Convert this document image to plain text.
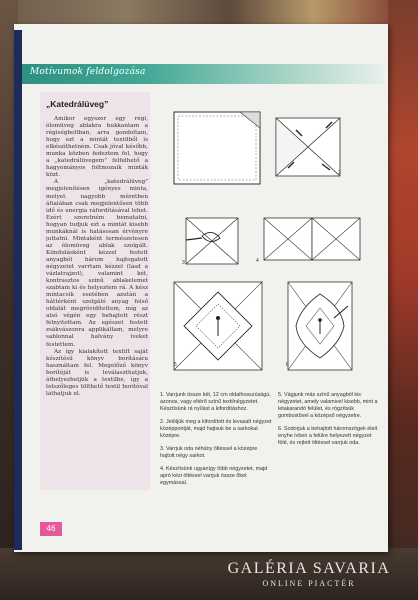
Motívumok feldolgozása
„Katedrálüveg”

Amikor egyszer egy régi, ólomüveg ablakra bukkantam a régiségboltban, arra gondoltam, hogy ezt a mintát textilből is elkészíthetném. Csak jóval később, munka közben fedeztem fel, hogy a „katedrálüvegem” felfelhető a hagyományos foltmozaik minták közt.

A „katedrálüveg” megjelenítésen igényes minta, melyet nagyobb méretben általában csak megjelentősen több idő és energia ráfordításával lehet. Ezért szeretném bemutatni, hogyan tudjuk ezt a mintát kisebb munkáknál is hatásosan érvényre juttatni. Mintaként természetesen az ólomüveg ablak szolgált. Kiindulásként kézzel festett anyagból három hajtogatott négyzetet varrtam kézzel (lásd a vázlatrajzot), valamint két, kontrasztos színű ablakelemet szabtam ki és helyeztem rá. A kész mintacsík esetében azután a háttérként szolgáló anyag felső oldalát megróvidítettem, míg az alsó végén egy behajtott részt felnyitottam. Az egészet festett zsákvászonra applikáltam, melyre sablonnal halvány íveket festettem.

Az így kialakított textilt saját készítésű könyv borítására használtam fel. Megelőző könyv borítóját is leválaszthatjuk, áthelyezhetjük a textilbe, így a tetszőleges tölthető textil borítóval láthatjuk el.

2
3	4
5	6

1. Varrjunk össze két, 12 cm oldalhosszúságú, azonos, vagy eltérő színű textilnégyzetet. Készítsünk rá nyílást a kifordításhoz.

2. Jelöljük meg a kifordított és levasalt négyzet középpontját, majd hajtsuk be a sarkokat középre.

3. Varrjuk oda néhány öltéssel a középre hajtott négy sarkot.

4. Készítsünk ugyanígy több négyzetet, majd apró kézi öltéssel varrjuk össze őket egymással.

5. Vágjunk más színű anyagból kis négyzetet, amely valamivel kisebb, mint a letakarandó felület, és rögzítsük gombostűvel a középső négyzetre.

6. Sodorjuk a behajtott háromszögek éleit enyhe ívben a felülre helyezett négyzet fölé, és rejtett öltéssel varrjuk oda.

46
GALÉRIA SAVARIA
ONLINE PIACTÉR
